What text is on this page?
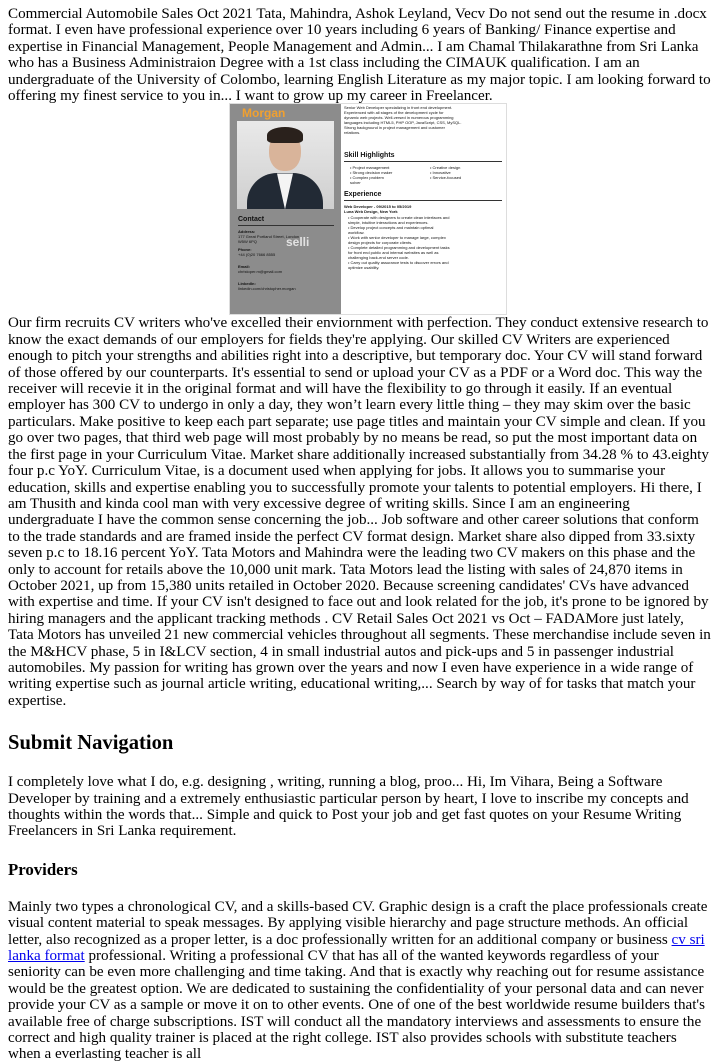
Commercial Automobile Sales Oct 2021 Tata, Mahindra, Ashok Leyland, Vecv Do not send out the resume in .docx format. I even have professional experience over 10 years including 6 years of Banking/ Finance expertise and expertise in Financial Management, People Management and Admin... I am Chamal Thilakarathne from Sri Lanka who has a Business Administraion Degree with a 1st class including the CIMAUK qualification. I am an undergraduate of the University of Colombo, learning English Literature as my major topic. I am looking forward to offering my finest service to you in... I want to grow up my career in Freelancer.

Morgan
Contact
Address:
177 Great Portland Street, London
W5W 6PQ
Phone:
+44 (0)20 7666 8555
Email:
christoper.m@gmail.com
LinkedIn:
linkedin.com/christopher.morgan
selli
Senior Web Developer specializing in front end development.
Experienced with all stages of the development cycle for
dynamic web projects. Well-versed in numerous programming
languages including HTML5, PHP OOP, JavaScript, CSS, MySQL.
Strong background in project management and customer
relations.
Skill Highlights
• Project management
• Strong decision maker
• Complex problem
solver
• Creative design
• Innovative
• Service-focused
Experience
Web Developer - 09/2015 to 05/2019
Luna Web Design, New York
• Cooperate with designers to create clean interfaces and
simple, intuitive interactions and experiences.
• Develop project concepts and maintain optimal
workflow.
• Work with senior developer to manage large, complex
design projects for corporate clients.
• Complete detailed programming and development tasks
for front end public and internal websites as well as
challenging back-end server code.
• Carry out quality assurance tests to discover errors and
optimize usability.

Our firm recruits CV writers who've excelled their enviornment with perfection. They conduct extensive research to know the exact demands of our employers for fields they're applying. Our skilled CV Writers are experienced enough to pitch your strengths and abilities right into a descriptive, but temporary doc. Your CV will stand forward of those offered by our counterparts. It's essential to send or upload your CV as a PDF or a Word doc. This way the receiver will recevie it in the original format and will have the flexibility to go through it easily. If an eventual employer has 300 CV to undergo in only a day, they won’t learn every little thing – they may skim over the basic particulars. Make positive to keep each part separate; use page titles and maintain your CV simple and clean. If you go over two pages, that third web page will most probably by no means be read, so put the most important data on the first page in your Curriculum Vitae. Market share additionally increased substantially from 34.28 % to 43.eighty four p.c YoY. Curriculum Vitae, is a document used when applying for jobs. It allows you to summarise your education, skills and expertise enabling you to successfully promote your talents to potential employers. Hi there, I am Thusith and kinda cool man with very excessive degree of writing skills. Since I am an engineering undergraduate I have the common sense concerning the job... Job software and other career solutions that conform to the trade standards and are framed inside the perfect CV format design. Market share also dipped from 33.sixty seven p.c to 18.16 percent YoY. Tata Motors and Mahindra were the leading two CV makers on this phase and the only to account for retails above the 10,000 unit mark. Tata Motors lead the listing with sales of 24,870 items in October 2021, up from 15,380 units retailed in October 2020. Because screening candidates' CVs have advanced with expertise and time. If your CV isn't designed to face out and look related for the job, it's prone to be ignored by hiring managers and the applicant tracking methods . CV Retail Sales Oct 2021 vs Oct – FADAMore just lately, Tata Motors has unveiled 21 new commercial vehicles throughout all segments. These merchandise include seven in the M&HCV phase, 5 in I&LCV section, 4 in small industrial autos and pick-ups and 5 in passenger industrial automobiles. My passion for writing has grown over the years and now I even have experience in a wide range of writing expertise such as journal article writing, educational writing,... Search by way of for tasks that match your expertise.

Submit Navigation

I completely love what I do, e.g. designing , writing, running a blog, proo... Hi, Im Vihara, Being a Software Developer by training and a extremely enthusiastic particular person by heart, I love to inscribe my concepts and thoughts within the words that... Simple and quick to Post your job and get fast quotes on your Resume Writing Freelancers in Sri Lanka requirement.

Providers

Mainly two types a chronological CV, and a skills-based CV. Graphic design is a craft the place professionals create visual content material to speak messages. By applying visible hierarchy and page structure methods. An official letter, also recognized as a proper letter, is a doc professionally written for an additional company or business cv sri lanka format professional. Writing a professional CV that has all of the wanted keywords regardless of your seniority can be even more challenging and time taking. And that is exactly why reaching out for resume assistance would be the greatest option. We are dedicated to sustaining the confidentiality of your personal data and can never provide your CV as a sample or move it on to other events. One of one of the best worldwide resume builders that's available free of charge subscriptions. IST will conduct all the mandatory interviews and assessments to ensure the correct and high quality trainer is placed at the right college. IST also provides schools with substitute teachers when a everlasting teacher is all
